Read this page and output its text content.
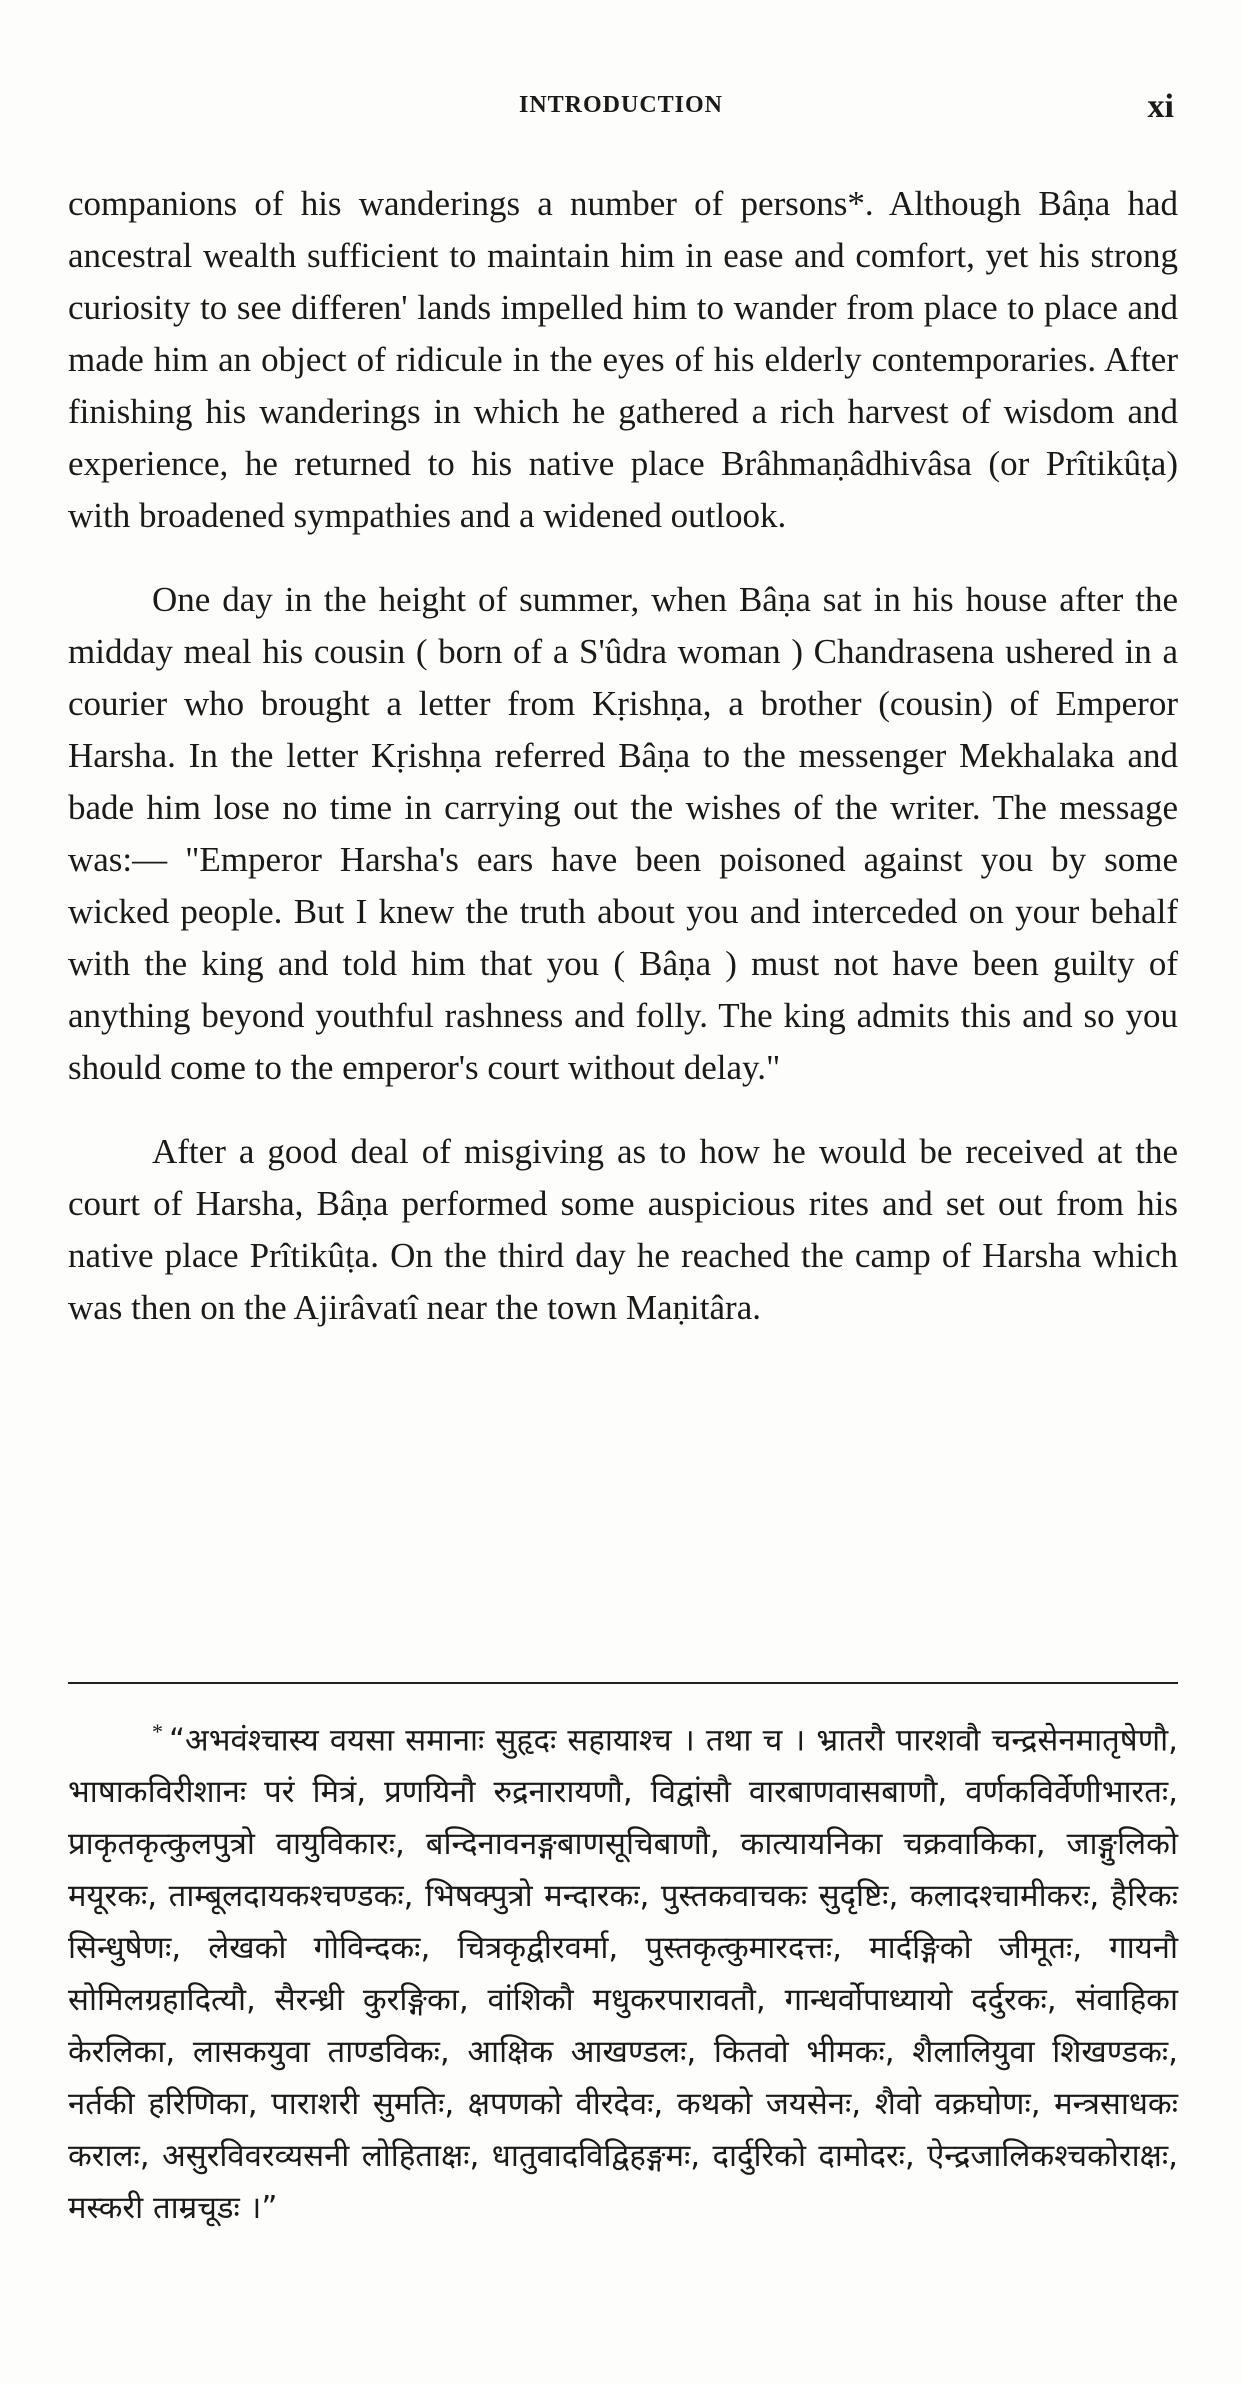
INTRODUCTION	xi

companions of his wanderings a number of persons*. Although Bâṇa had ancestral wealth sufficient to maintain him in ease and comfort, yet his strong curiosity to see differen' lands impelled him to wander from place to place and made him an object of ridicule in the eyes of his elderly contemporaries. After finishing his wanderings in which he gathered a rich harvest of wisdom and experience, he returned to his native place Brâhmaṇâdhivâsa (or Prîtikûṭa) with broadened sympathies and a widened outlook.

One day in the height of summer, when Bâṇa sat in his house after the midday meal his cousin ( born of a S'ûdra woman ) Chandrasena ushered in a courier who brought a letter from Kṛishṇa, a brother (cousin) of Emperor Harsha. In the letter Kṛishṇa referred Bâṇa to the messenger Mekhalaka and bade him lose no time in carrying out the wishes of the writer. The message was:— "Emperor Harsha's ears have been poisoned against you by some wicked people. But I knew the truth about you and interceded on your behalf with the king and told him that you ( Bâṇa ) must not have been guilty of anything beyond youthful rashness and folly. The king admits this and so you should come to the emperor's court without delay."

After a good deal of misgiving as to how he would be received at the court of Harsha, Bâṇa performed some auspicious rites and set out from his native place Prîtikûṭa. On the third day he reached the camp of Harsha which was then on the Ajirâvatî near the town Maṇitâra.

* “अभवंश्चास्य वयसा समानाः सुहृदः सहायाश्च । तथा च । भ्रातरौ पारशवौ चन्द्रसेनमातृषेणौ, भाषाकविरीशानः परं मित्रं, प्रणयिनौ रुद्रनारायणौ, विद्वांसौ वारबाणवासबाणौ, वर्णकविर्वेणीभारतः, प्राकृतकृत्कुलपुत्रो वायुविकारः, बन्दिनावनङ्गबाणसूचिबाणौ, कात्यायनिका चक्रवाकिका, जाङ्गुलिको मयूरकः, ताम्बूलदायकश्चण्डकः, भिषक्पुत्रो मन्दारकः, पुस्तकवाचकः सुदृष्टिः, कलादश्चामीकरः, हैरिकः सिन्धुषेणः, लेखको गोविन्दकः, चित्रकृद्वीरवर्मा, पुस्तकृत्कुमारदत्तः, मार्दङ्गिको जीमूतः, गायनौ सोमिलग्रहादित्यौ, सैरन्ध्री कुरङ्गिका, वांशिकौ मधुकरपारावतौ, गान्धर्वोपाध्यायो दर्दुरकः, संवाहिका केरलिका, लासकयुवा ताण्डविकः, आक्षिक आखण्डलः, कितवो भीमकः, शैलालियुवा शिखण्डकः, नर्तकी हरिणिका, पाराशरी सुमतिः, क्षपणको वीरदेवः, कथको जयसेनः, शैवो वक्रघोणः, मन्त्रसाधकः करालः, असुरविवरव्यसनी लोहिताक्षः, धातुवादविद्विहङ्गमः, दार्दुरिको दामोदरः, ऐन्द्रजालिकश्चकोराक्षः, मस्करी ताम्रचूडः ।”
